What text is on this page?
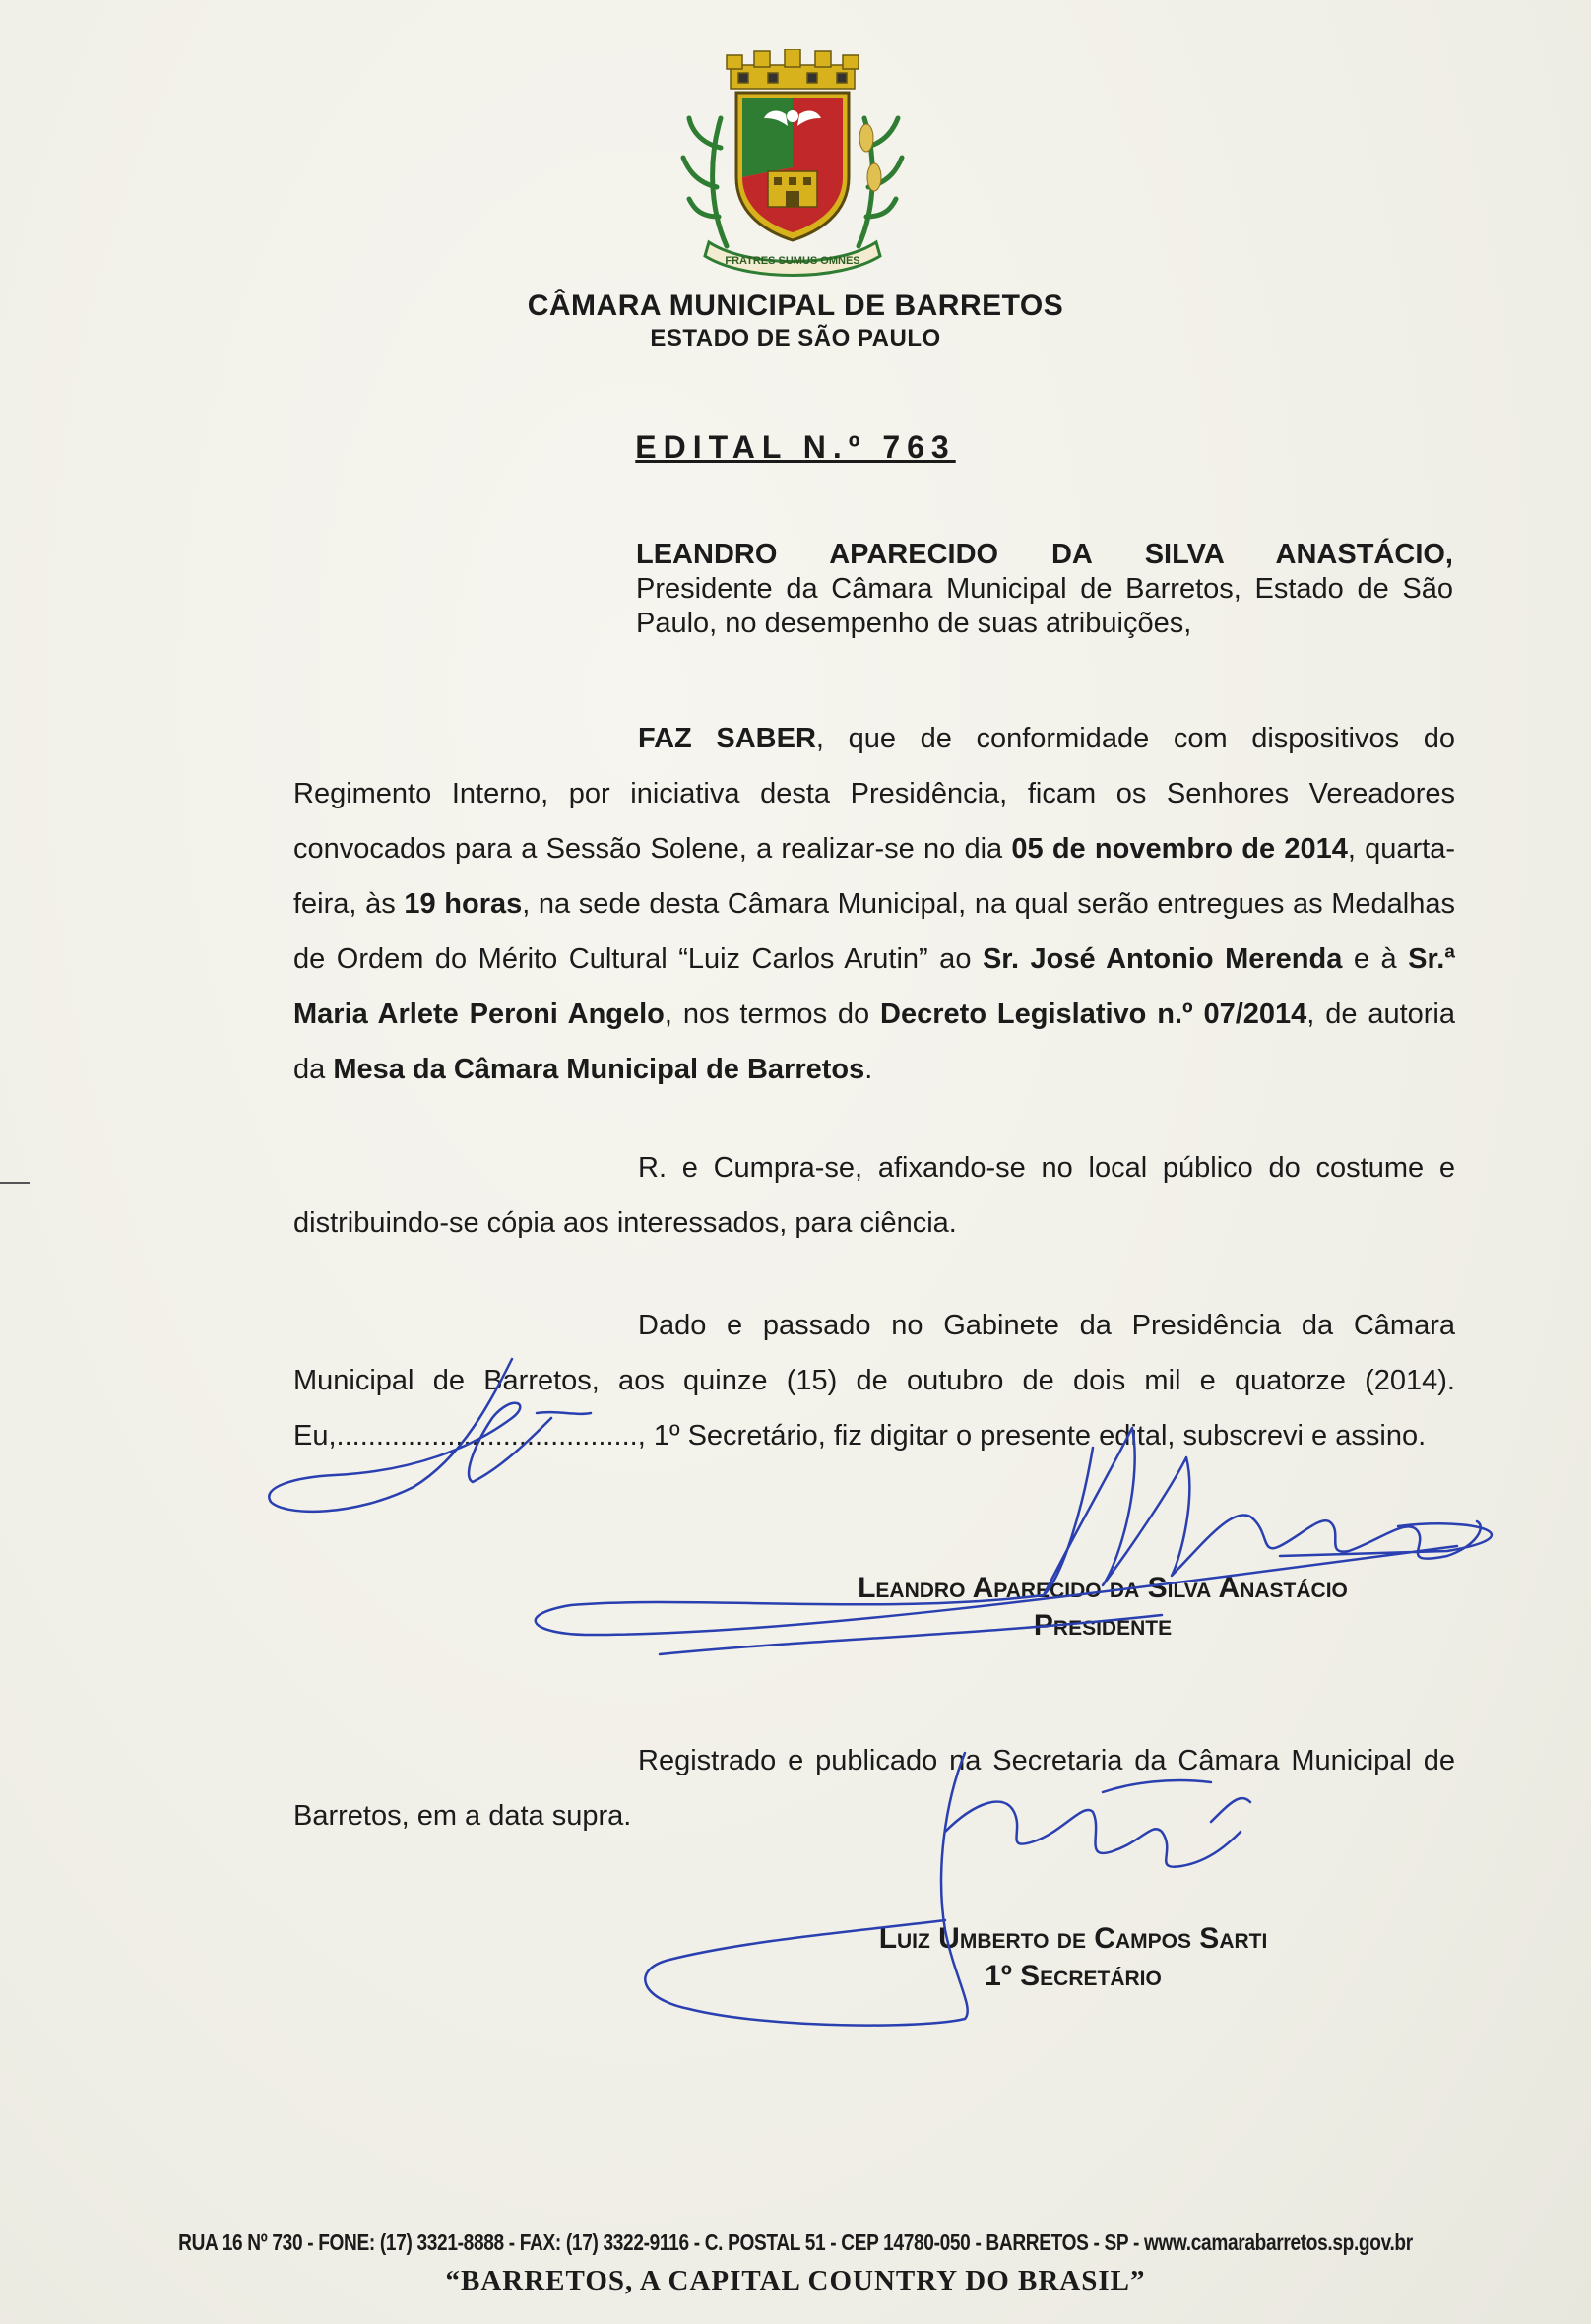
FRATRES SUMUS OMNES
CÂMARA MUNICIPAL DE BARRETOS
ESTADO DE SÃO PAULO
EDITAL N.º 763
LEANDRO APARECIDO DA SILVA ANASTÁCIO,
Presidente da Câmara Municipal de Barretos, Estado de São Paulo, no desempenho de suas atribuições,

FAZ SABER, que de conformidade com dispositivos do Regimento Interno, por iniciativa desta Presidência, ficam os Senhores Vereadores convocados para a Sessão Solene, a realizar-se no dia 05 de novembro de 2014, quarta-feira, às 19 horas, na sede desta Câmara Municipal, na qual serão entregues as Medalhas de Ordem do Mérito Cultural “Luiz Carlos Arutin” ao Sr. José Antonio Merenda e à Sr.ª Maria Arlete Peroni Angelo, nos termos do Decreto Legislativo n.º 07/2014, de autoria da Mesa da Câmara Municipal de Barretos.

R. e Cumpra-se, afixando-se no local público do costume e distribuindo-se cópia aos interessados, para ciência.

Dado e passado no Gabinete da Presidência da Câmara Municipal de Barretos, aos quinze (15) de outubro de dois mil e quatorze (2014). Eu,......................................, 1º Secretário, fiz digitar o presente edital, subscrevi e assino.

Leandro Aparecido da Silva Anastácio
Presidente

Registrado e publicado na Secretaria da Câmara Municipal de Barretos, em a data supra.

Luiz Umberto de Campos Sarti
1º Secretário
RUA 16 Nº 730 - FONE: (17) 3321-8888 - FAX: (17) 3322-9116 - C. POSTAL 51 - CEP 14780-050 - BARRETOS - SP - www.camarabarretos.sp.gov.br
“BARRETOS, A CAPITAL COUNTRY DO BRASIL”
